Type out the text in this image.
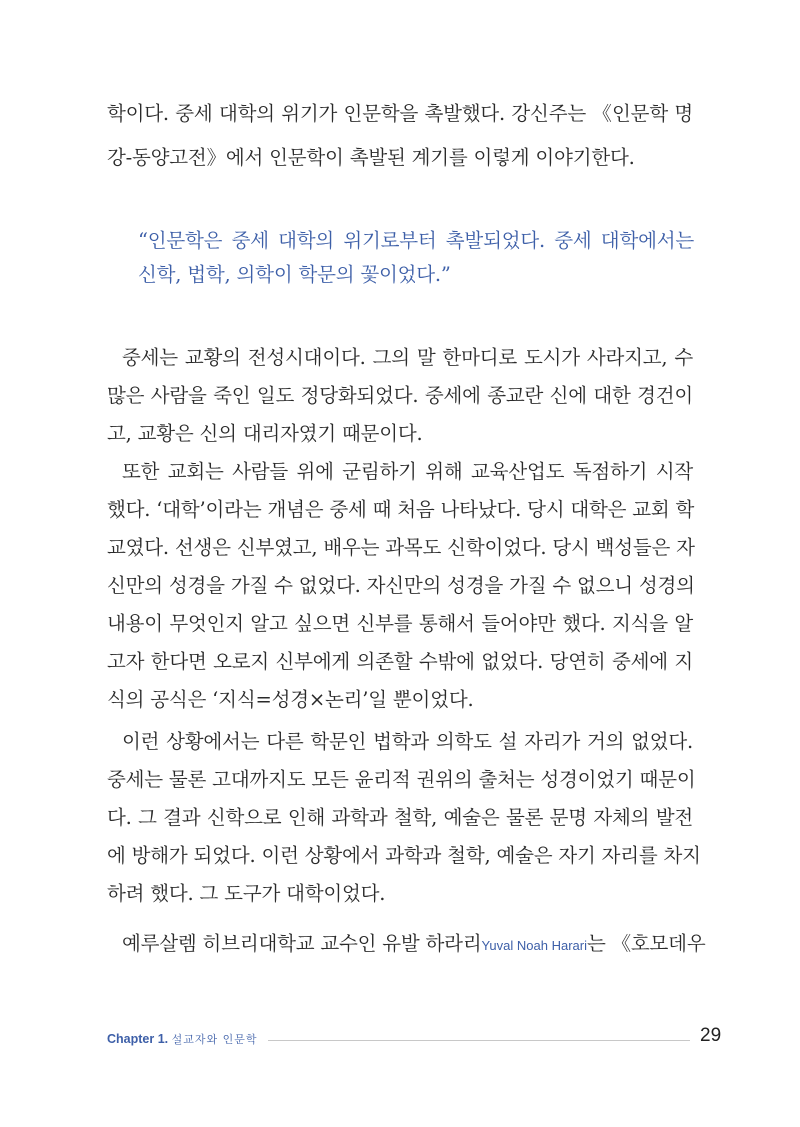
학이다. 중세 대학의 위기가 인문학을 촉발했다. 강신주는 《인문학 명
강-동양고전》에서 인문학이 촉발된 계기를 이렇게 이야기한다.
“인문학은 중세 대학의 위기로부터 촉발되었다. 중세 대학에서는
신학, 법학, 의학이 학문의 꽃이었다.”
중세는 교황의 전성시대이다. 그의 말 한마디로 도시가 사라지고, 수
많은 사람을 죽인 일도 정당화되었다. 중세에 종교란 신에 대한 경건이
고, 교황은 신의 대리자였기 때문이다.
또한 교회는 사람들 위에 군림하기 위해 교육산업도 독점하기 시작
했다. ‘대학’이라는 개념은 중세 때 처음 나타났다. 당시 대학은 교회 학
교였다. 선생은 신부였고, 배우는 과목도 신학이었다. 당시 백성들은 자
신만의 성경을 가질 수 없었다. 자신만의 성경을 가질 수 없으니 성경의
내용이 무엇인지 알고 싶으면 신부를 통해서 들어야만 했다. 지식을 알
고자 한다면 오로지 신부에게 의존할 수밖에 없었다. 당연히 중세에 지
식의 공식은 ‘지식=성경×논리’일 뿐이었다.
이런 상황에서는 다른 학문인 법학과 의학도 설 자리가 거의 없었다.
중세는 물론 고대까지도 모든 윤리적 권위의 출처는 성경이었기 때문이
다. 그 결과 신학으로 인해 과학과 철학, 예술은 물론 문명 자체의 발전
에 방해가 되었다. 이런 상황에서 과학과 철학, 예술은 자기 자리를 차지
하려 했다. 그 도구가 대학이었다.
예루살렘 히브리대학교 교수인 유발 하라리Yuval Noah Harari는 《호모데우
Chapter 1. 설교자와 인문학	29
